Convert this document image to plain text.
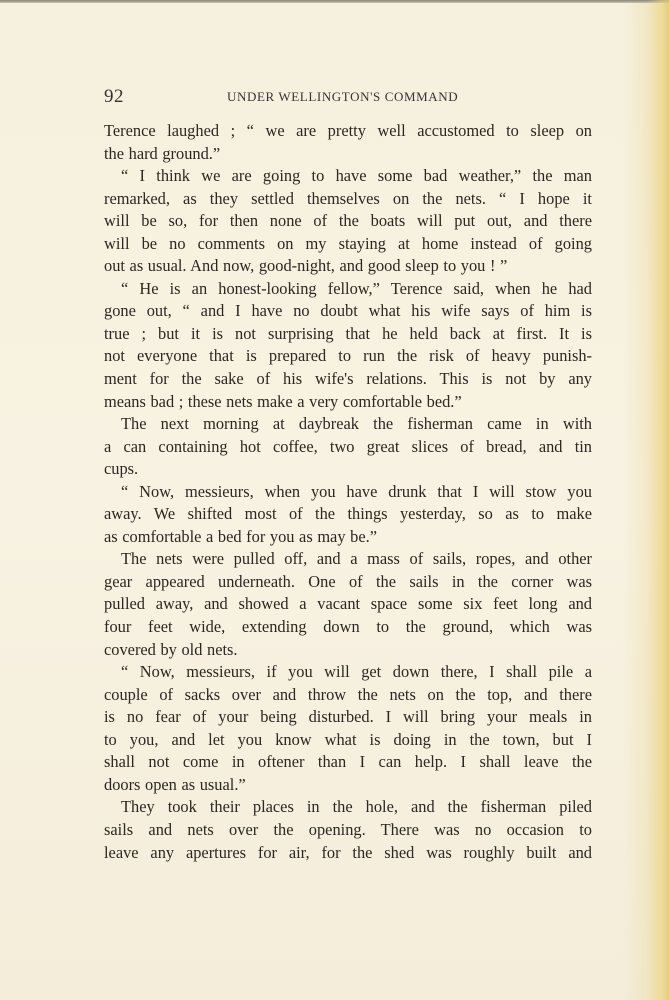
92	UNDER WELLINGTON'S COMMAND
Terence laughed ; “ we are pretty well accustomed to sleep on
the hard ground.”
“ I think we are going to have some bad weather,” the man
remarked, as they settled themselves on the nets. “ I hope it
will be so, for then none of the boats will put out, and there
will be no comments on my staying at home instead of going
out as usual. And now, good-night, and good sleep to you ! ”
“ He is an honest-looking fellow,” Terence said, when he had
gone out, “ and I have no doubt what his wife says of him is
true ; but it is not surprising that he held back at first. It is
not everyone that is prepared to run the risk of heavy punish-
ment for the sake of his wife's relations. This is not by any
means bad ; these nets make a very comfortable bed.”
The next morning at daybreak the fisherman came in with
a can containing hot coffee, two great slices of bread, and tin
cups.
“ Now, messieurs, when you have drunk that I will stow you
away. We shifted most of the things yesterday, so as to make
as comfortable a bed for you as may be.”
The nets were pulled off, and a mass of sails, ropes, and other
gear appeared underneath. One of the sails in the corner was
pulled away, and showed a vacant space some six feet long and
four feet wide, extending down to the ground, which was
covered by old nets.
“ Now, messieurs, if you will get down there, I shall pile a
couple of sacks over and throw the nets on the top, and there
is no fear of your being disturbed. I will bring your meals in
to you, and let you know what is doing in the town, but I
shall not come in oftener than I can help. I shall leave the
doors open as usual.”
They took their places in the hole, and the fisherman piled
sails and nets over the opening. There was no occasion to
leave any apertures for air, for the shed was roughly built and
